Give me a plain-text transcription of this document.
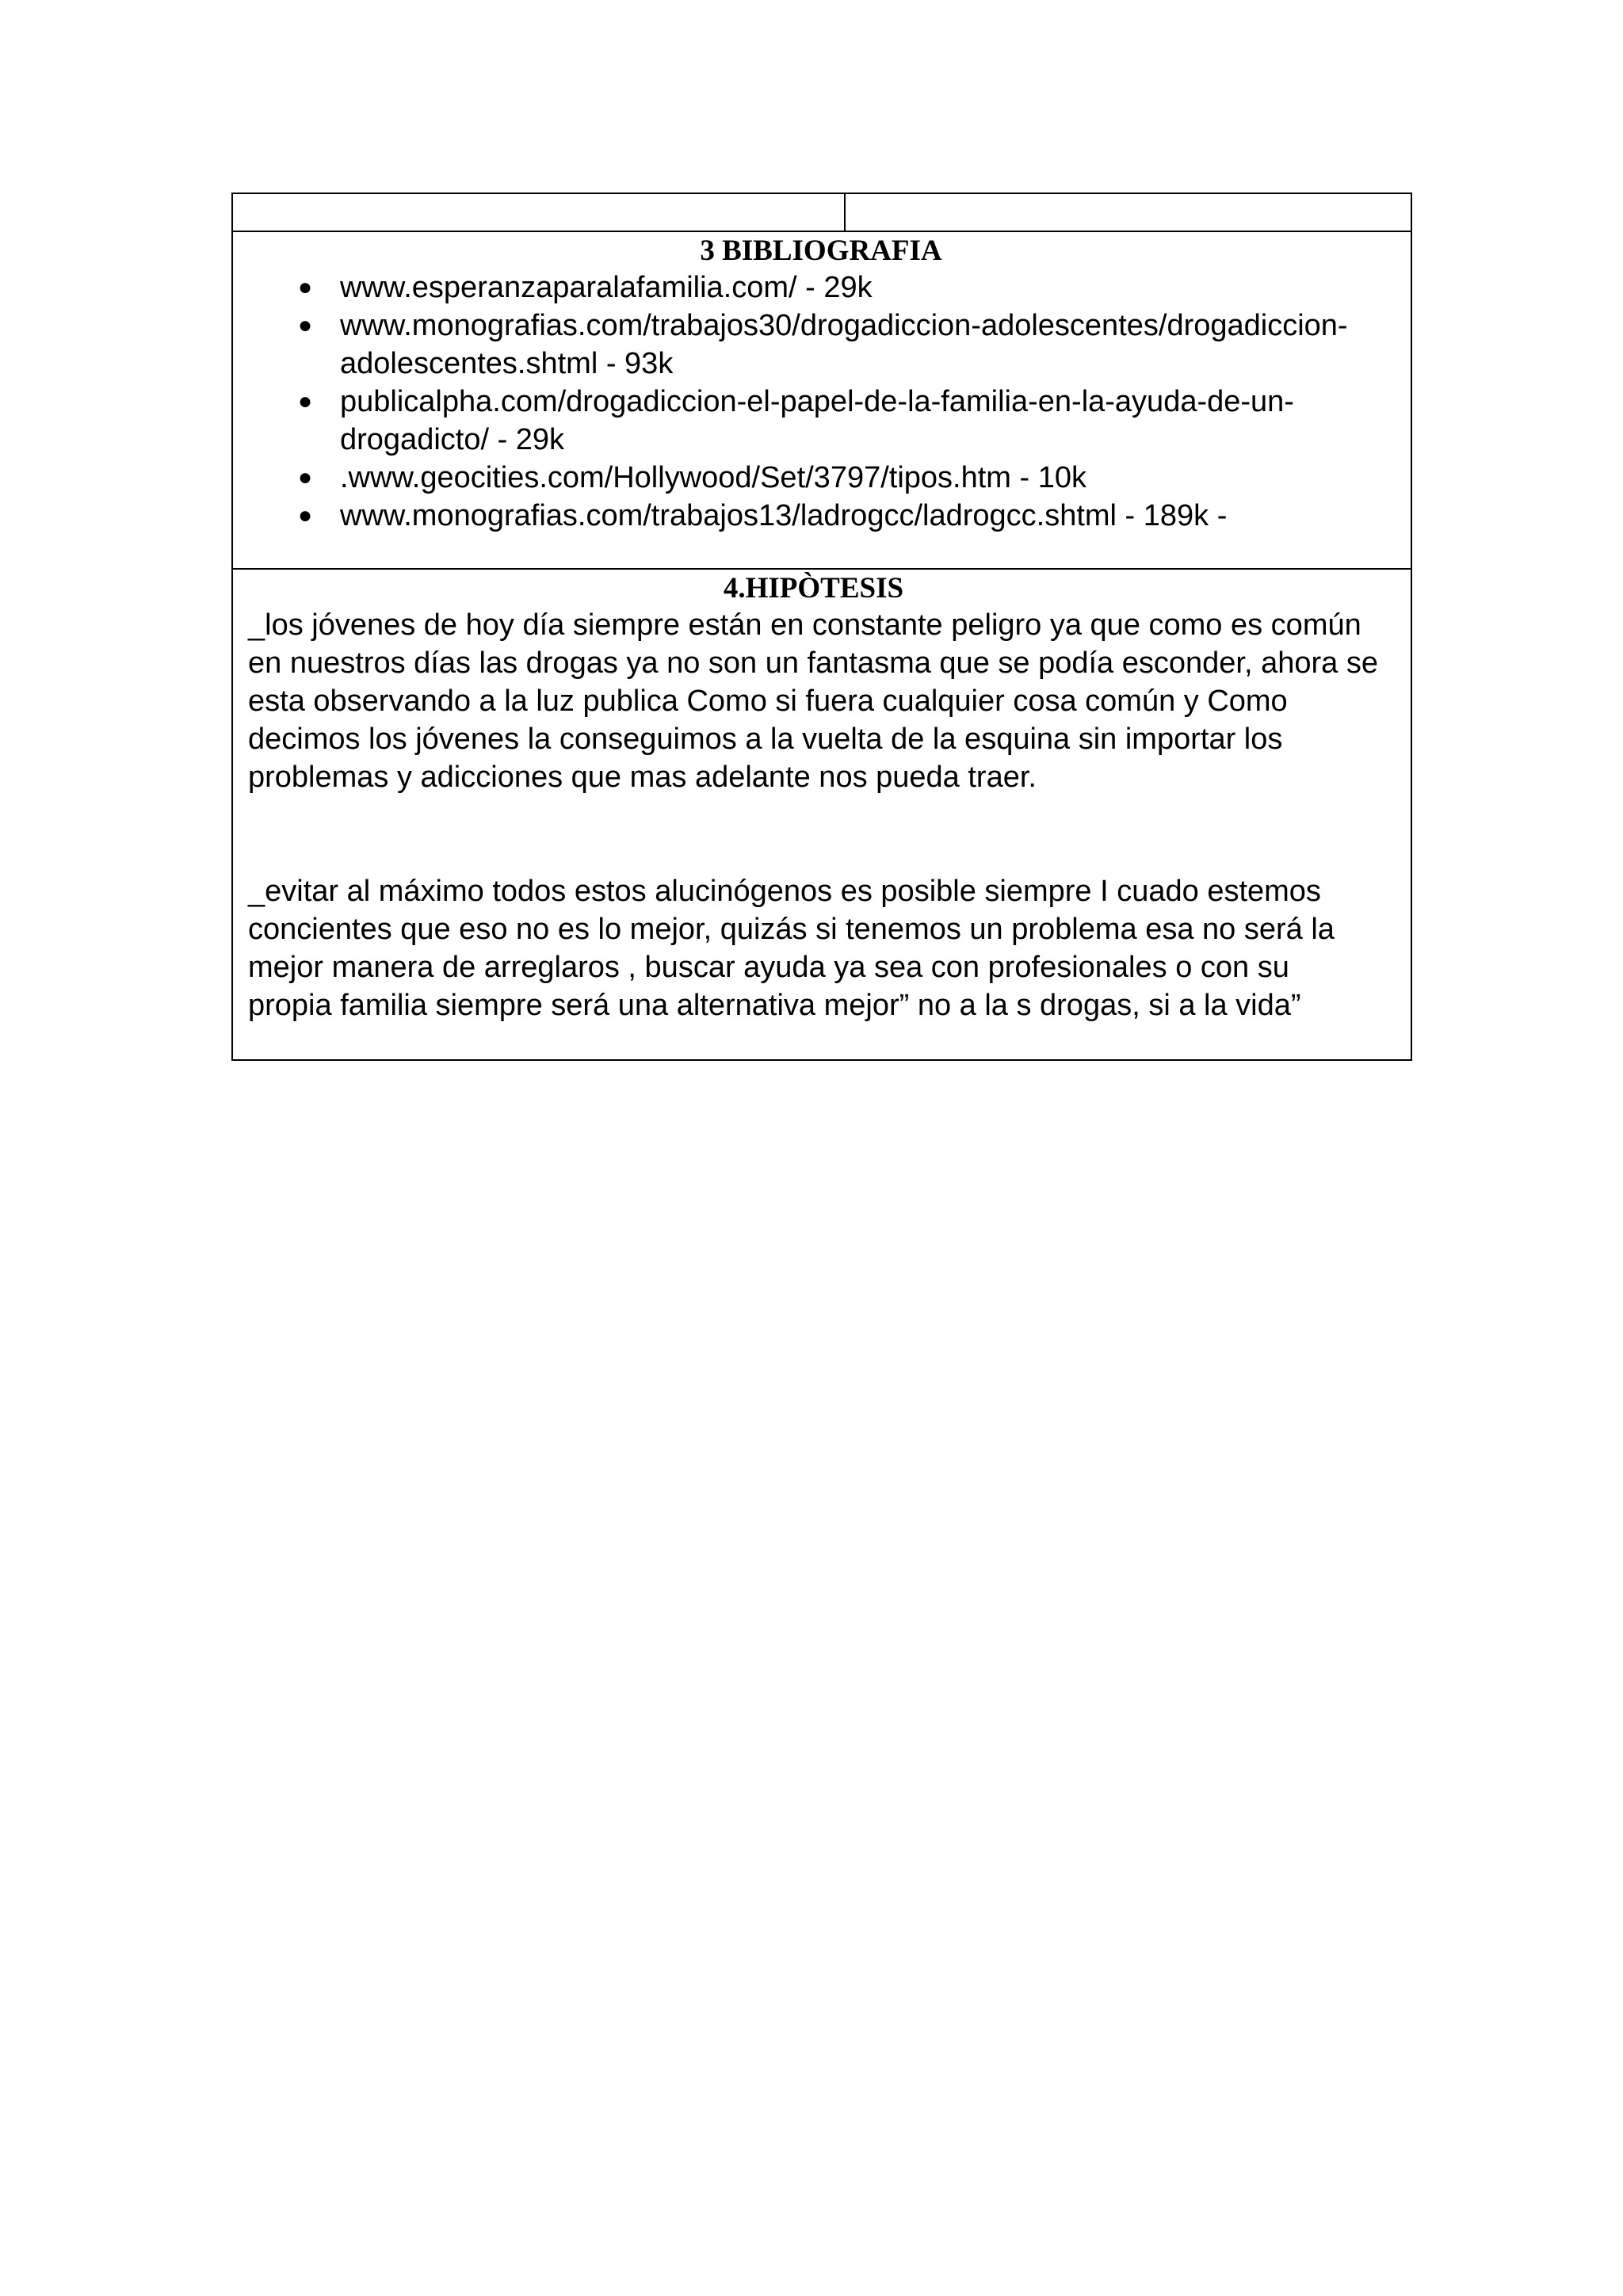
3 BIBLIOGRAFIA

● www.esperanzaparalafamilia.com/ - 29k
● www.monografias.com/trabajos30/drogadiccion-adolescentes/drogadiccion-adolescentes.shtml - 93k
● publicalpha.com/drogadiccion-el-papel-de-la-familia-en-la-ayuda-de-un-drogadicto/ - 29k
● .www.geocities.com/Hollywood/Set/3797/tipos.htm - 10k
● www.monografias.com/trabajos13/ladrogcc/ladrogcc.shtml - 189k -

4.HIPÒTESIS

_los jóvenes de hoy día siempre están en constante peligro ya que como es común en nuestros días las drogas ya no son un fantasma que se podía esconder, ahora se esta observando a la luz publica Como si fuera cualquier cosa común y Como decimos los jóvenes la conseguimos a la vuelta de la esquina sin importar los problemas y adicciones que mas adelante nos pueda traer.

_evitar al máximo todos estos alucinógenos es posible siempre I cuado estemos concientes que eso no es lo mejor, quizás si tenemos un problema esa no será la mejor manera de arreglaros , buscar ayuda ya sea con profesionales o con su propia familia siempre será una alternativa mejor” no a la s drogas, si a la vida”
